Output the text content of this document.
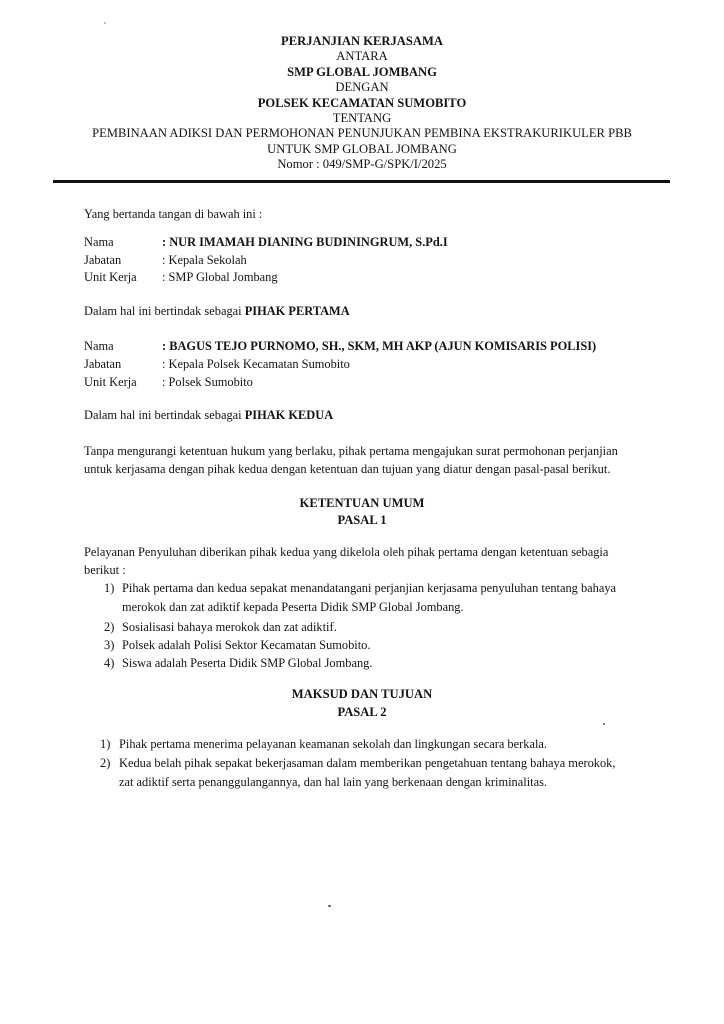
PERJANJIAN KERJASAMA
ANTARA
SMP GLOBAL JOMBANG
DENGAN
POLSEK KECAMATAN SUMOBITO
TENTANG
PEMBINAAN ADIKSI DAN PERMOHONAN PENUNJUKAN PEMBINA EKSTRAKURIKULER PBB
UNTUK SMP GLOBAL JOMBANG
Nomor : 049/SMP-G/SPK/I/2025
Yang bertanda tangan di bawah ini :
Nama	: NUR IMAMAH DIANING BUDININGRUM, S.Pd.I
Jabatan	: Kepala Sekolah
Unit Kerja : SMP Global Jombang
Dalam hal ini bertindak sebagai PIHAK PERTAMA
Nama	: BAGUS TEJO PURNOMO, SH., SKM, MH AKP (AJUN KOMISARIS POLISI)
Jabatan	: Kepala Polsek Kecamatan Sumobito
Unit Kerja : Polsek Sumobito
Dalam hal ini bertindak sebagai PIHAK KEDUA
Tanpa mengurangi ketentuan hukum yang berlaku, pihak pertama mengajukan surat permohonan perjanjian
untuk kerjasama dengan pihak kedua dengan ketentuan dan tujuan yang diatur dengan pasal-pasal berikut.
KETENTUAN UMUM
PASAL 1
Pelayanan Penyuluhan diberikan pihak kedua yang dikelola oleh pihak pertama dengan ketentuan sebagia
berikut :
1) Pihak pertama dan kedua sepakat menandatangani perjanjian kerjasama penyuluhan tentang bahaya
merokok dan zat adiktif kepada Peserta Didik SMP Global Jombang.
2) Sosialisasi bahaya merokok dan zat adiktif.
3) Polsek adalah Polisi Sektor Kecamatan Sumobito.
4) Siswa adalah Peserta Didik SMP Global Jombang.
MAKSUD DAN TUJUAN
PASAL 2
1) Pihak pertama menerima pelayanan keamanan sekolah dan lingkungan secara berkala.
2) Kedua belah pihak sepakat bekerjasaman dalam memberikan pengetahuan tentang bahaya merokok,
zat adiktif serta penanggulangannya, dan hal lain yang berkenaan dengan kriminalitas.
